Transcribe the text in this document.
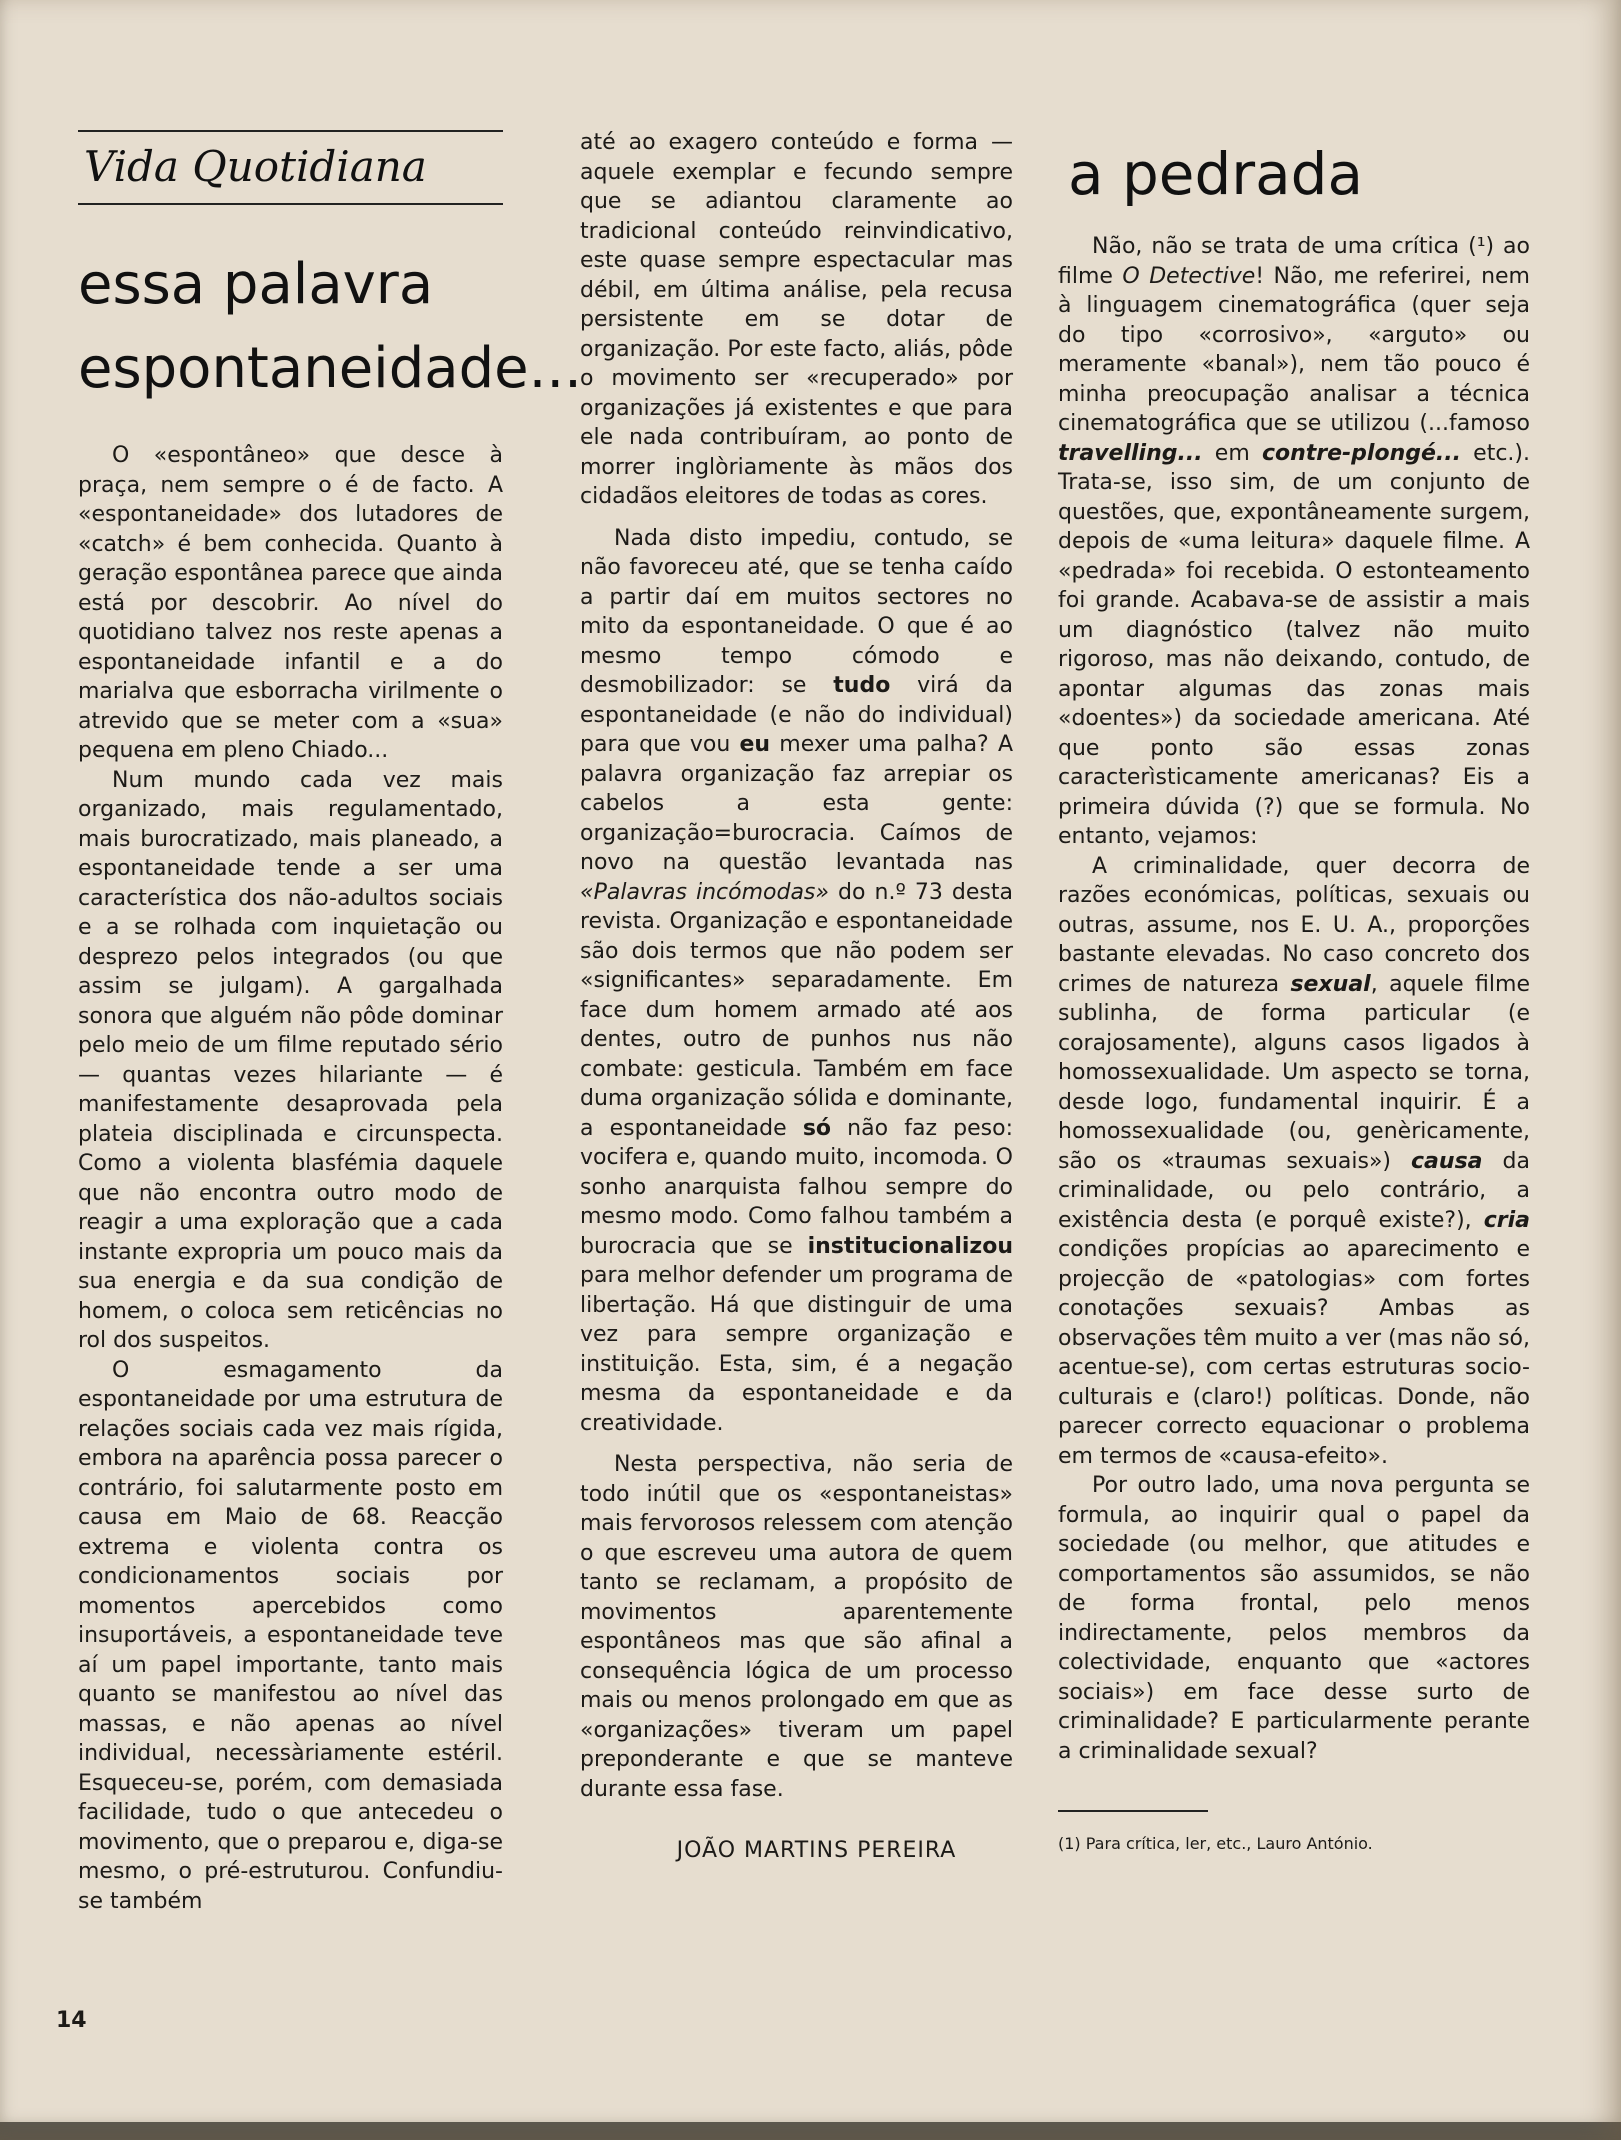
Vida Quotidiana
essa palavra
espontaneidade...

O «espontâneo» que desce à praça, nem sempre o é de facto. A «espontaneidade» dos lutadores de «catch» é bem conhecida. Quanto à geração espontânea parece que ainda está por descobrir. Ao nível do quotidiano talvez nos reste apenas a espontaneidade infantil e a do marialva que esborracha virilmente o atrevido que se meter com a «sua» pequena em pleno Chiado...

Num mundo cada vez mais organizado, mais regulamentado, mais burocratizado, mais planeado, a espontaneidade tende a ser uma característica dos não-adultos sociais e a se rolhada com inquietação ou desprezo pelos integrados (ou que assim se julgam). A gargalhada sonora que alguém não pôde dominar pelo meio de um filme reputado sério — quantas vezes hilariante — é manifestamente desaprovada pela plateia disciplinada e circunspecta. Como a violenta blasfémia daquele que não encontra outro modo de reagir a uma exploração que a cada instante expropria um pouco mais da sua energia e da sua condição de homem, o coloca sem reticências no rol dos suspeitos.

O esmagamento da espontaneidade por uma estrutura de relações sociais cada vez mais rígida, embora na aparência possa parecer o contrário, foi salutarmente posto em causa em Maio de 68. Reacção extrema e violenta contra os condicionamentos sociais por momentos apercebidos como insuportáveis, a espontaneidade teve aí um papel importante, tanto mais quanto se manifestou ao nível das massas, e não apenas ao nível individual, necessàriamente estéril. Esqueceu-se, porém, com demasiada facilidade, tudo o que antecedeu o movimento, que o preparou e, diga-se mesmo, o pré-estruturou. Confundiu-se também

até ao exagero conteúdo e forma — aquele exemplar e fecundo sempre que se adiantou claramente ao tradicional conteúdo reinvindicativo, este quase sempre espectacular mas débil, em última análise, pela recusa persistente em se dotar de organização. Por este facto, aliás, pôde o movimento ser «recuperado» por organizações já existentes e que para ele nada contribuíram, ao ponto de morrer inglòriamente às mãos dos cidadãos eleitores de todas as cores.

Nada disto impediu, contudo, se não favoreceu até, que se tenha caído a partir daí em muitos sectores no mito da espontaneidade. O que é ao mesmo tempo cómodo e desmobilizador: se tudo virá da espontaneidade (e não do individual) para que vou eu mexer uma palha? A palavra organização faz arrepiar os cabelos a esta gente: organização=burocracia. Caímos de novo na questão levantada nas «Palavras incómodas» do n.º 73 desta revista. Organização e espontaneidade são dois termos que não podem ser «significantes» separadamente. Em face dum homem armado até aos dentes, outro de punhos nus não combate: gesticula. Também em face duma organização sólida e dominante, a espontaneidade só não faz peso: vocifera e, quando muito, incomoda. O sonho anarquista falhou sempre do mesmo modo. Como falhou também a burocracia que se institucionalizou para melhor defender um programa de libertação. Há que distinguir de uma vez para sempre organização e instituição. Esta, sim, é a negação mesma da espontaneidade e da creatividade.

Nesta perspectiva, não seria de todo inútil que os «espontaneistas» mais fervorosos relessem com atenção o que escreveu uma autora de quem tanto se reclamam, a propósito de movimentos aparentemente espontâneos mas que são afinal a consequência lógica de um processo mais ou menos prolongado em que as «organizações» tiveram um papel preponderante e que se manteve durante essa fase.

JOÃO MARTINS PEREIRA
a pedrada

Não, não se trata de uma crítica (¹) ao filme O Detective! Não, me referirei, nem à linguagem cinematográfica (quer seja do tipo «corrosivo», «arguto» ou meramente «banal»), nem tão pouco é minha preocupação analisar a técnica cinematográfica que se utilizou (...famoso travelling... em contre-plongé... etc.). Trata-se, isso sim, de um conjunto de questões, que, expontâneamente surgem, depois de «uma leitura» daquele filme. A «pedrada» foi recebida. O estonteamento foi grande. Acabava-se de assistir a mais um diagnóstico (talvez não muito rigoroso, mas não deixando, contudo, de apontar algumas das zonas mais «doentes») da sociedade americana. Até que ponto são essas zonas caracterìsticamente americanas? Eis a primeira dúvida (?) que se formula. No entanto, vejamos:

A criminalidade, quer decorra de razões económicas, políticas, sexuais ou outras, assume, nos E. U. A., proporções bastante elevadas. No caso concreto dos crimes de natureza sexual, aquele filme sublinha, de forma particular (e corajosamente), alguns casos ligados à homossexualidade. Um aspecto se torna, desde logo, fundamental inquirir. É a homossexualidade (ou, genèricamente, são os «traumas sexuais») causa da criminalidade, ou pelo contrário, a existência desta (e porquê existe?), cria condições propícias ao aparecimento e projecção de «patologias» com fortes conotações sexuais? Ambas as observações têm muito a ver (mas não só, acentue-se), com certas estruturas socio-culturais e (claro!) políticas. Donde, não parecer correcto equacionar o problema em termos de «causa-efeito».

Por outro lado, uma nova pergunta se formula, ao inquirir qual o papel da sociedade (ou melhor, que atitudes e comportamentos são assumidos, se não de forma frontal, pelo menos indirectamente, pelos membros da colectividade, enquanto que «actores sociais») em face desse surto de criminalidade? E particularmente perante a criminalidade sexual?

(1) Para crítica, ler, etc., Lauro António.
14
